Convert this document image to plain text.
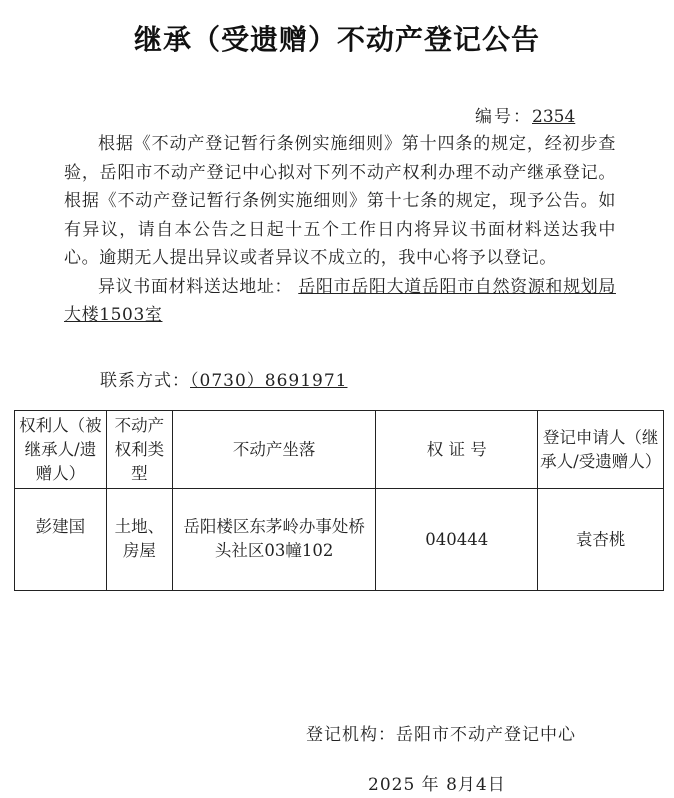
继承（受遗赠）不动产登记公告
编号：2354

根据《不动产登记暂行条例实施细则》第十四条的规定，经初步查验，岳阳市不动产登记中心拟对下列不动产权利办理不动产继承登记。根据《不动产登记暂行条例实施细则》第十七条的规定，现予公告。如有异议，请自本公告之日起十五个工作日内将异议书面材料送达我中心。逾期无人提出异议或者异议不成立的，我中心将予以登记。

异议书面材料送达地址： 岳阳市岳阳大道岳阳市自然资源和规划局大楼1503室

联系方式：（0730）8691971
权利人（被继承人/遗赠人）	不动产权利类型	不动产坐落	权 证 号	登记申请人（继承人/受遗赠人）
彭建国	土地、房屋	岳阳楼区东茅岭办事处桥头社区03幢102	040444	袁杏桃
登记机构：岳阳市不动产登记中心
2025 年 8月4日
